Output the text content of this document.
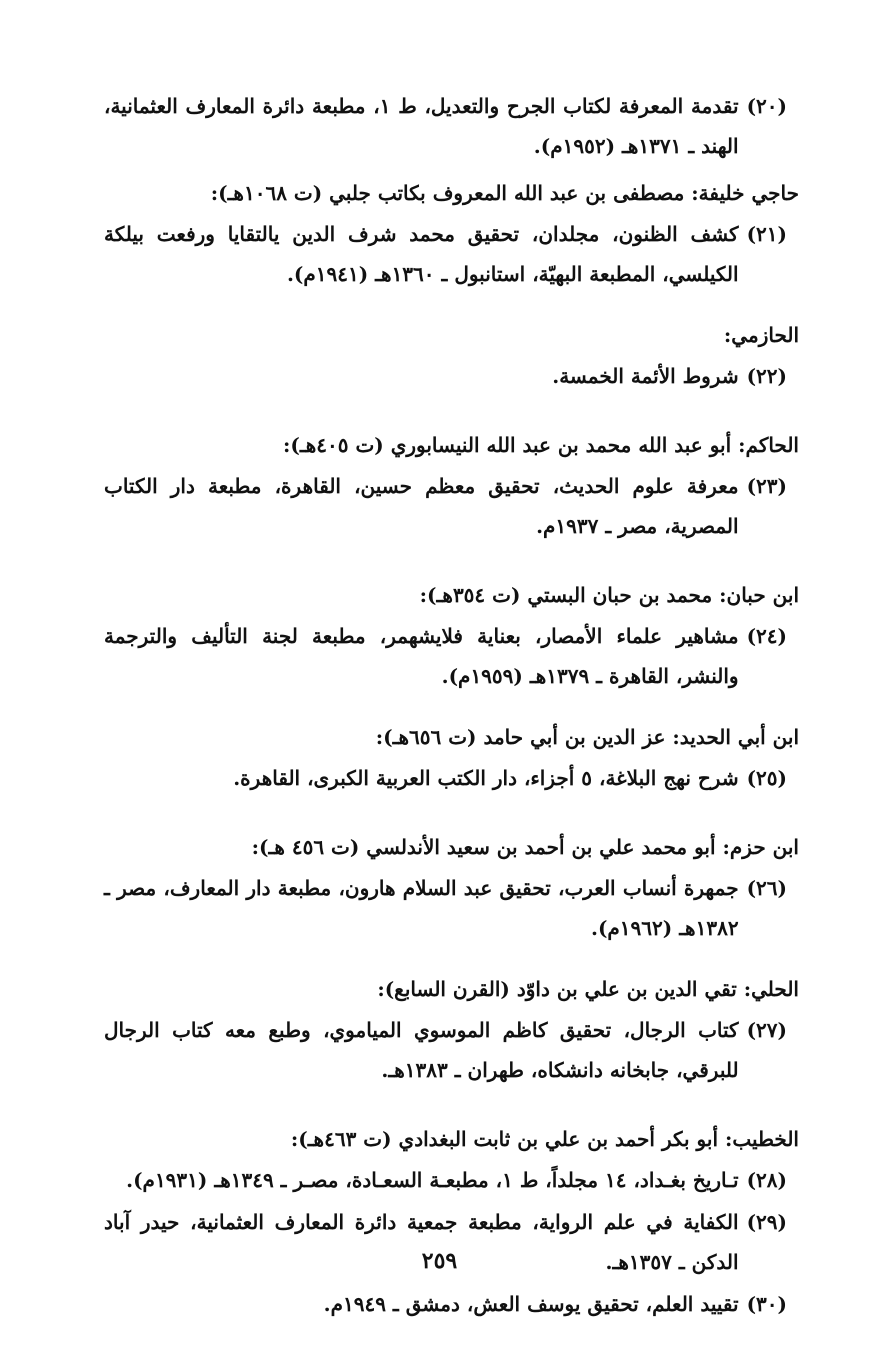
(٢٠)
تقدمة المعرفة لكتاب الجرح والتعديل، ط ١، مطبعة دائرة المعارف العثمانية، الهند ـ ١٣٧١هـ (١٩٥٢م).

حاجي خليفة: مصطفى بن عبد الله المعروف بكاتب جلبي (ت ١٠٦٨هـ):

(٢١)
كشف الظنون، مجلدان، تحقيق محمد شرف الدين يالتقايا ورفعت بيلكة الكيلسي، المطبعة البهيّة، استانبول ـ ١٣٦٠هـ (١٩٤١م).

الحازمي:

(٢٢)
شروط الأئمة الخمسة.

الحاكم: أبو عبد الله محمد بن عبد الله النيسابوري (ت ٤٠٥هـ):

(٢٣)
معرفة علوم الحديث، تحقيق معظم حسين، القاهرة، مطبعة دار الكتاب المصرية، مصر ـ ١٩٣٧م.

ابن حبان: محمد بن حبان البستي (ت ٣٥٤هـ):

(٢٤)
مشاهير علماء الأمصار، بعناية فلايشهمر، مطبعة لجنة التأليف والترجمة والنشر، القاهرة ـ ١٣٧٩هـ (١٩٥٩م).

ابن أبي الحديد: عز الدين بن أبي حامد (ت ٦٥٦هـ):

(٢٥)
شرح نهج البلاغة، ٥ أجزاء، دار الكتب العربية الكبرى، القاهرة.

ابن حزم: أبو محمد علي بن أحمد بن سعيد الأندلسي (ت ٤٥٦ هـ):

(٢٦)
جمهرة أنساب العرب، تحقيق عبد السلام هارون، مطبعة دار المعارف، مصر ـ ١٣٨٢هـ (١٩٦٢م).

الحلي: تقي الدين بن علي بن داوّد (القرن السابع):

(٢٧)
كتاب الرجال، تحقيق كاظم الموسوي المياموي، وطبع معه كتاب الرجال للبرقي، جابخانه دانشكاه، طهران ـ ١٣٨٣هـ.

الخطيب: أبو بكر أحمد بن علي بن ثابت البغدادي (ت ٤٦٣هـ):

(٢٨)
تـاريخ بغـداد، ١٤ مجلداً، ط ١، مطبعـة السعـادة، مصـر ـ ١٣٤٩هـ (١٩٣١م).
(٢٩)
الكفاية في علم الرواية، مطبعة جمعية دائرة المعارف العثمانية، حيدر آباد الدكن ـ ١٣٥٧هـ.
(٣٠)
تقييد العلم، تحقيق يوسف العش، دمشق ـ ١٩٤٩م.
٢٥٩
